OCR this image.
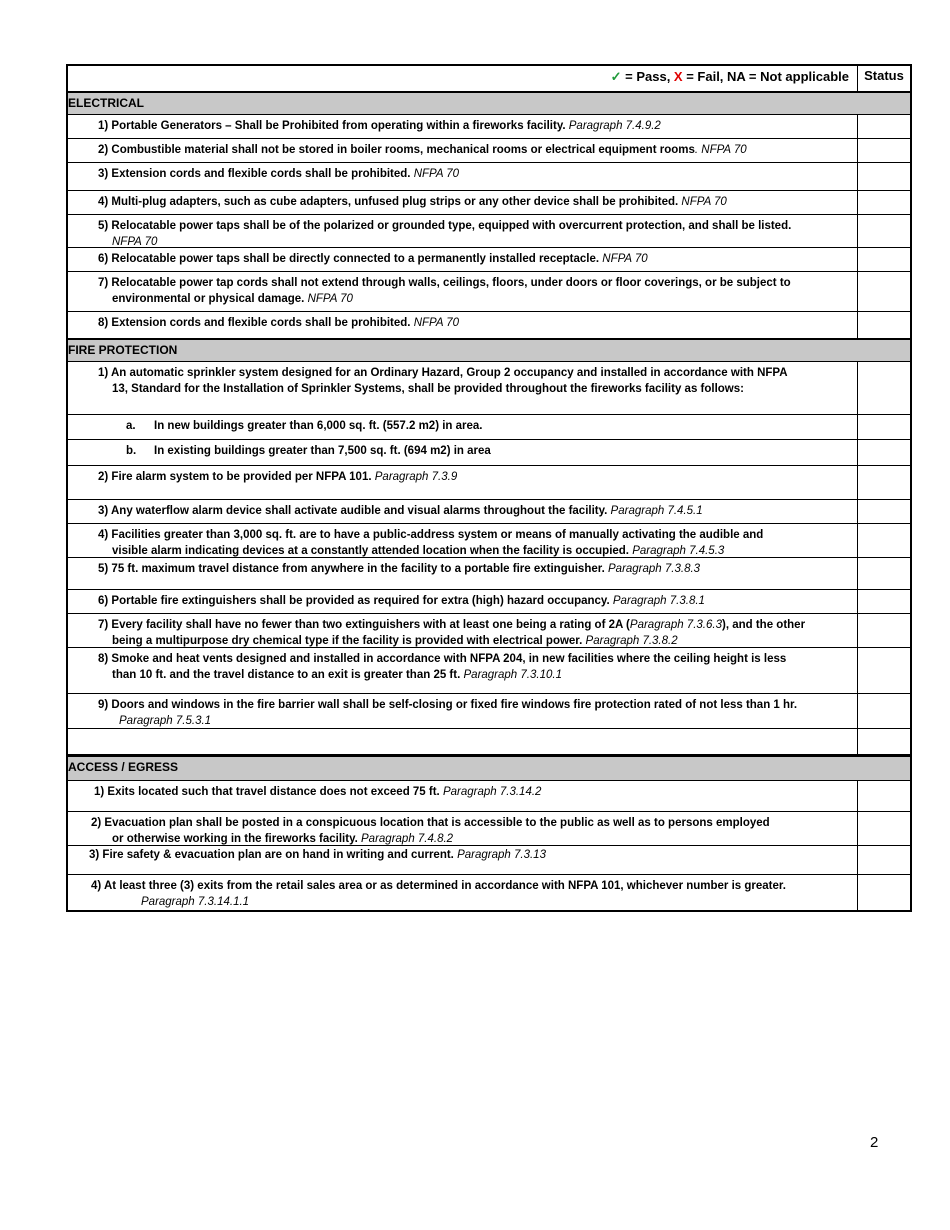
✓ = Pass, X = Fail, NA = Not applicable	Status
ELECTRICAL
1) Portable Generators – Shall be Prohibited from operating within a fireworks facility. Paragraph 7.4.9.2
2) Combustible material shall not be stored in boiler rooms, mechanical rooms or electrical equipment rooms. NFPA 70
3) Extension cords and flexible cords shall be prohibited. NFPA 70
4) Multi-plug adapters, such as cube adapters, unfused plug strips or any other device shall be prohibited. NFPA 70
5) Relocatable power taps shall be of the polarized or grounded type, equipped with overcurrent protection, and shall be listed.
NFPA 70
6) Relocatable power taps shall be directly connected to a permanently installed receptacle. NFPA 70
7) Relocatable power tap cords shall not extend through walls, ceilings, floors, under doors or floor coverings, or be subject to
environmental or physical damage. NFPA 70
8) Extension cords and flexible cords shall be prohibited. NFPA 70
FIRE PROTECTION
1) An automatic sprinkler system designed for an Ordinary Hazard, Group 2 occupancy and installed in accordance with NFPA
13, Standard for the Installation of Sprinkler Systems, shall be provided throughout the fireworks facility as follows:
a. In new buildings greater than 6,000 sq. ft. (557.2 m2) in area.
b. In existing buildings greater than 7,500 sq. ft. (694 m2) in area
2) Fire alarm system to be provided per NFPA 101. Paragraph 7.3.9
3) Any waterflow alarm device shall activate audible and visual alarms throughout the facility. Paragraph 7.4.5.1
4) Facilities greater than 3,000 sq. ft. are to have a public-address system or means of manually activating the audible and
visible alarm indicating devices at a constantly attended location when the facility is occupied. Paragraph 7.4.5.3
5) 75 ft. maximum travel distance from anywhere in the facility to a portable fire extinguisher. Paragraph 7.3.8.3
6) Portable fire extinguishers shall be provided as required for extra (high) hazard occupancy. Paragraph 7.3.8.1
7) Every facility shall have no fewer than two extinguishers with at least one being a rating of 2A (Paragraph 7.3.6.3), and the other
being a multipurpose dry chemical type if the facility is provided with electrical power. Paragraph 7.3.8.2
8) Smoke and heat vents designed and installed in accordance with NFPA 204, in new facilities where the ceiling height is less
than 10 ft. and the travel distance to an exit is greater than 25 ft. Paragraph 7.3.10.1
9) Doors and windows in the fire barrier wall shall be self-closing or fixed fire windows fire protection rated of not less than 1 hr.
Paragraph 7.5.3.1
ACCESS / EGRESS
1) Exits located such that travel distance does not exceed 75 ft. Paragraph 7.3.14.2
2) Evacuation plan shall be posted in a conspicuous location that is accessible to the public as well as to persons employed
or otherwise working in the fireworks facility. Paragraph 7.4.8.2
3) Fire safety & evacuation plan are on hand in writing and current. Paragraph 7.3.13
4) At least three (3) exits from the retail sales area or as determined in accordance with NFPA 101, whichever number is greater.
Paragraph 7.3.14.1.1
2
